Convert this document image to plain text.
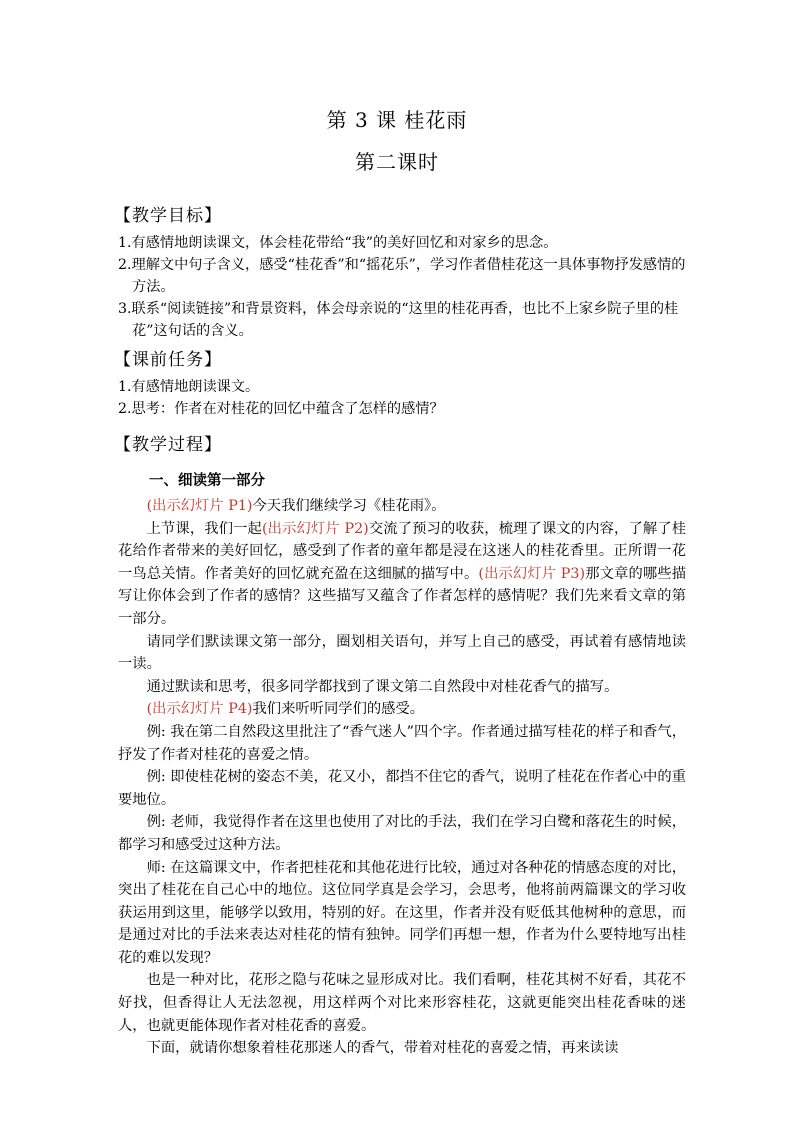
第 3 课 桂花雨
第二课时
【教学目标】
1.有感情地朗读课文，体会桂花带给“我”的美好回忆和对家乡的思念。
2.理解文中句子含义，感受“桂花香”和“摇花乐”，学习作者借桂花这一具体事物抒发感情的方法。
3.联系“阅读链接”和背景资料，体会母亲说的“这里的桂花再香，也比不上家乡院子里的桂花”这句话的含义。
【课前任务】
1.有感情地朗读课文。
2.思考：作者在对桂花的回忆中蕴含了怎样的感情？
【教学过程】
一、细读第一部分

(出示幻灯片 P1)今天我们继续学习《桂花雨》。

上节课，我们一起(出示幻灯片 P2)交流了预习的收获，梳理了课文的内容，了解了桂花给作者带来的美好回忆，感受到了作者的童年都是浸在这迷人的桂花香里。正所谓一花一鸟总关情。作者美好的回忆就充盈在这细腻的描写中。(出示幻灯片 P3)那文章的哪些描写让你体会到了作者的感情？这些描写又蕴含了作者怎样的感情呢？我们先来看文章的第一部分。

请同学们默读课文第一部分，圈划相关语句，并写上自己的感受，再试着有感情地读一读。

通过默读和思考，很多同学都找到了课文第二自然段中对桂花香气的描写。

(出示幻灯片 P4)我们来听听同学们的感受。

例: 我在第二自然段这里批注了“香气迷人”四个字。作者通过描写桂花的样子和香气，抒发了作者对桂花的喜爱之情。

例: 即使桂花树的姿态不美，花又小，都挡不住它的香气，说明了桂花在作者心中的重要地位。

例: 老师，我觉得作者在这里也使用了对比的手法，我们在学习白鹭和落花生的时候，都学习和感受过这种方法。

师: 在这篇课文中，作者把桂花和其他花进行比较，通过对各种花的情感态度的对比，突出了桂花在自己心中的地位。这位同学真是会学习，会思考，他将前两篇课文的学习收获运用到这里，能够学以致用，特别的好。在这里，作者并没有贬低其他树种的意思，而是通过对比的手法来表达对桂花的情有独钟。同学们再想一想，作者为什么要特地写出桂花的难以发现？

也是一种对比，花形之隐与花味之显形成对比。我们看啊，桂花其树不好看，其花不好找，但香得让人无法忽视，用这样两个对比来形容桂花，这就更能突出桂花香味的迷人，也就更能体现作者对桂花香的喜爱。

下面，就请你想象着桂花那迷人的香气，带着对桂花的喜爱之情，再来读读
